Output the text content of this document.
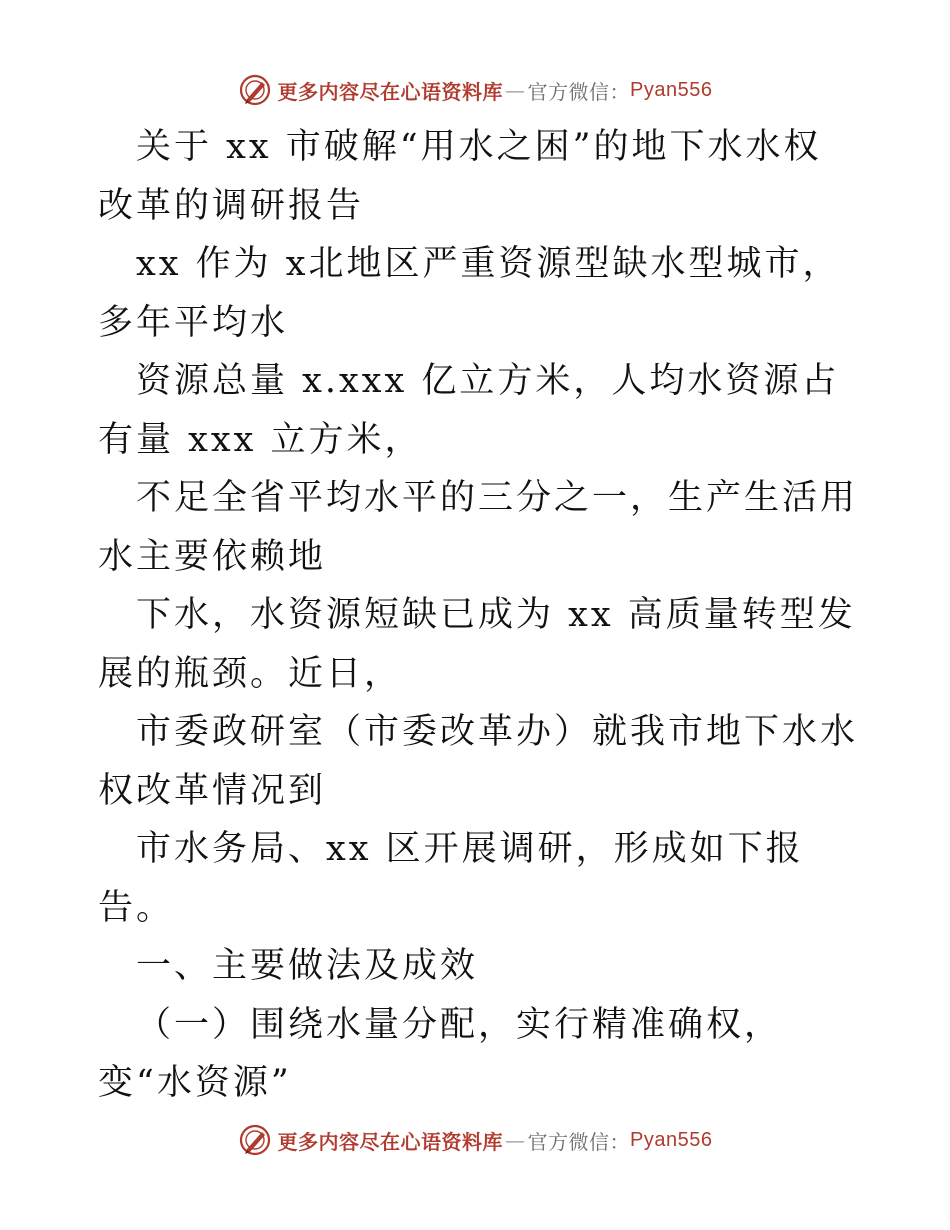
更多内容尽在心语资料库 — 官方微信： Pyan556

关于 xx 市破解“用水之困”的地下水水权改革的调研报告

xx 作为 x北地区严重资源型缺水型城市，多年平均水

资源总量 x.xxx 亿立方米，人均水资源占有量 xxx 立方米，

不足全省平均水平的三分之一，生产生活用水主要依赖地

下水，水资源短缺已成为 xx 高质量转型发展的瓶颈。近日，

市委政研室（市委改革办）就我市地下水水权改革情况到

市水务局、xx 区开展调研，形成如下报告。

一、主要做法及成效

（一）围绕水量分配，实行精准确权，变“水资源”

更多内容尽在心语资料库 — 官方微信： Pyan556
